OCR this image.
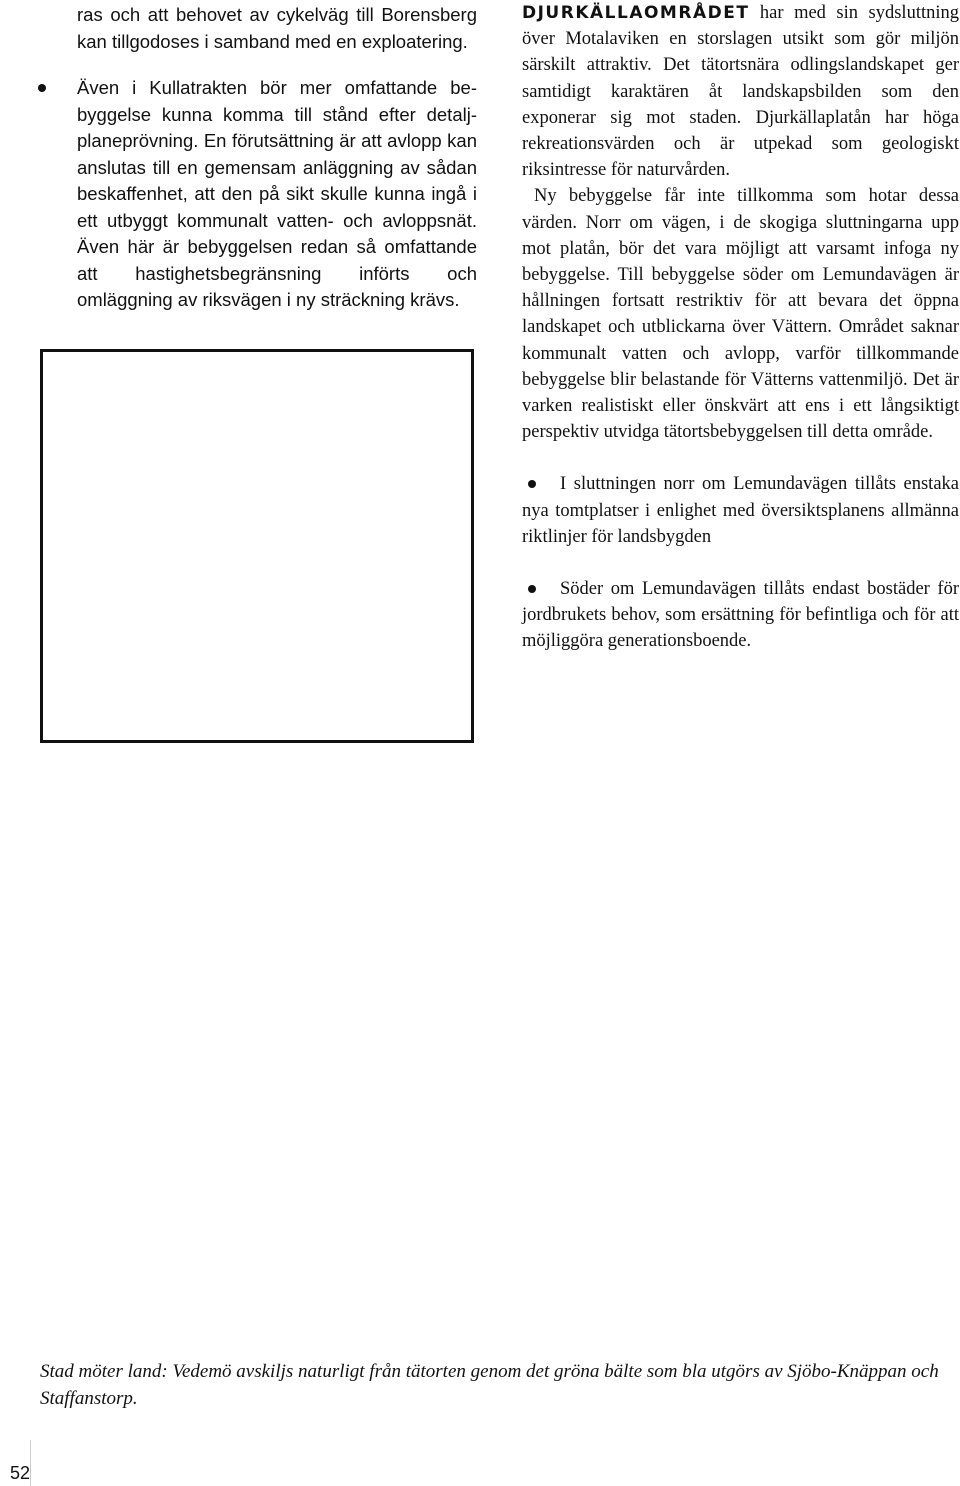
ras och att behovet av cykelväg till Borensberg kan tillgodoses i samband med en exploatering.

Även i Kullatrakten bör mer omfattande bebyggelse kunna komma till stånd efter detaljplaneprövning. En förutsättning är att avlopp kan anslutas till en gemensam anläggning av sådan beskaffenhet, att den på sikt skulle kunna ingå i ett utbyggt kommunalt vatten- och avloppsnät. Även här är bebyggelsen redan så omfattande att hastighetsbegränsning införts och omläggning av riksvägen i ny sträckning krävs.

DJURKÄLLAOMRÅDET har med sin sydsluttning över Motalaviken en storslagen utsikt som gör miljön särskilt attraktiv. Det tätortsnära odlingslandskapet ger samtidigt karaktären åt landskapsbilden som den exponerar sig mot staden. Djurkällaplatån har höga rekreationsvärden och är utpekad som geologiskt riksintresse för naturvården.

Ny bebyggelse får inte tillkomma som hotar dessa värden. Norr om vägen, i de skogiga sluttningarna upp mot platån, bör det vara möjligt att varsamt infoga ny bebyggelse. Till bebyggelse söder om Lemundavägen är hållningen fortsatt restriktiv för att bevara det öppna landskapet och utblickarna över Vättern. Området saknar kommunalt vatten och avlopp, varför tillkommande bebyggelse blir belastande för Vätterns vattenmiljö. Det är varken realistiskt eller önskvärt att ens i ett långsiktigt perspektiv utvidga tätortsbebyggelsen till detta område.

I sluttningen norr om Lemundavägen tillåts enstaka nya tomtplatser i enlighet med översiktsplanens allmänna riktlinjer för landsbygden

Söder om Lemundavägen tillåts endast bostäder för jordbrukets behov, som ersättning för befintliga och för att möjliggöra generationsboende.

Stad möter land: Vedemö avskiljs naturligt från tätorten genom det gröna bälte som bla utgörs av Sjöbo-Knäppan och Staffanstorp.

52
